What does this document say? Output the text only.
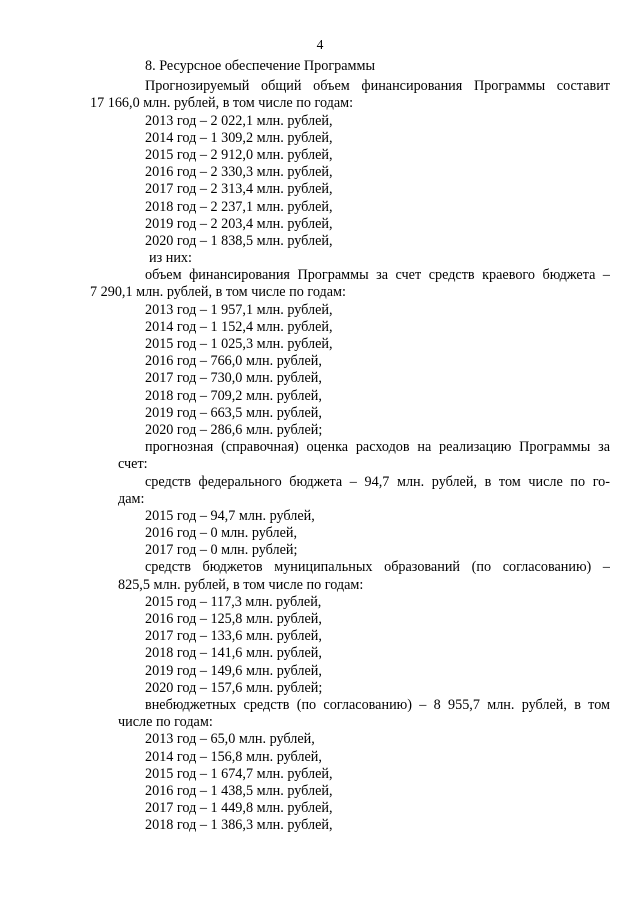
4
8. Ресурсное обеспечение Программы
Прогнозируемый общий объем финансирования Программы составит
17 166,0 млн. рублей, в том числе по годам:
2013 год – 2 022,1 млн. рублей,
2014 год – 1 309,2 млн. рублей,
2015 год – 2 912,0 млн. рублей,
2016 год – 2 330,3 млн. рублей,
2017 год – 2 313,4 млн. рублей,
2018 год – 2 237,1 млн. рублей,
2019 год – 2 203,4 млн. рублей,
2020 год – 1 838,5 млн. рублей,
из них:
объем финансирования Программы за счет средств краевого бюджета –
7 290,1 млн. рублей, в том числе по годам:
2013 год – 1 957,1 млн. рублей,
2014 год – 1 152,4 млн. рублей,
2015 год – 1 025,3 млн. рублей,
2016 год – 766,0 млн. рублей,
2017 год – 730,0 млн. рублей,
2018 год – 709,2 млн. рублей,
2019 год – 663,5 млн. рублей,
2020 год – 286,6 млн. рублей;
прогнозная (справочная) оценка расходов на реализацию Программы за
счет:
средств федерального бюджета – 94,7 млн. рублей, в том числе по го-
дам:
2015 год – 94,7 млн. рублей,
2016 год – 0 млн. рублей,
2017 год – 0 млн. рублей;
средств бюджетов муниципальных образований (по согласованию) –
825,5 млн. рублей, в том числе по годам:
2015 год – 117,3 млн. рублей,
2016 год – 125,8 млн. рублей,
2017 год – 133,6 млн. рублей,
2018 год – 141,6 млн. рублей,
2019 год – 149,6 млн. рублей,
2020 год – 157,6 млн. рублей;
внебюджетных средств (по согласованию) – 8 955,7 млн. рублей, в том
числе по годам:
2013 год – 65,0 млн. рублей,
2014 год – 156,8 млн. рублей,
2015 год – 1 674,7 млн. рублей,
2016 год – 1 438,5 млн. рублей,
2017 год – 1 449,8 млн. рублей,
2018 год – 1 386,3 млн. рублей,
